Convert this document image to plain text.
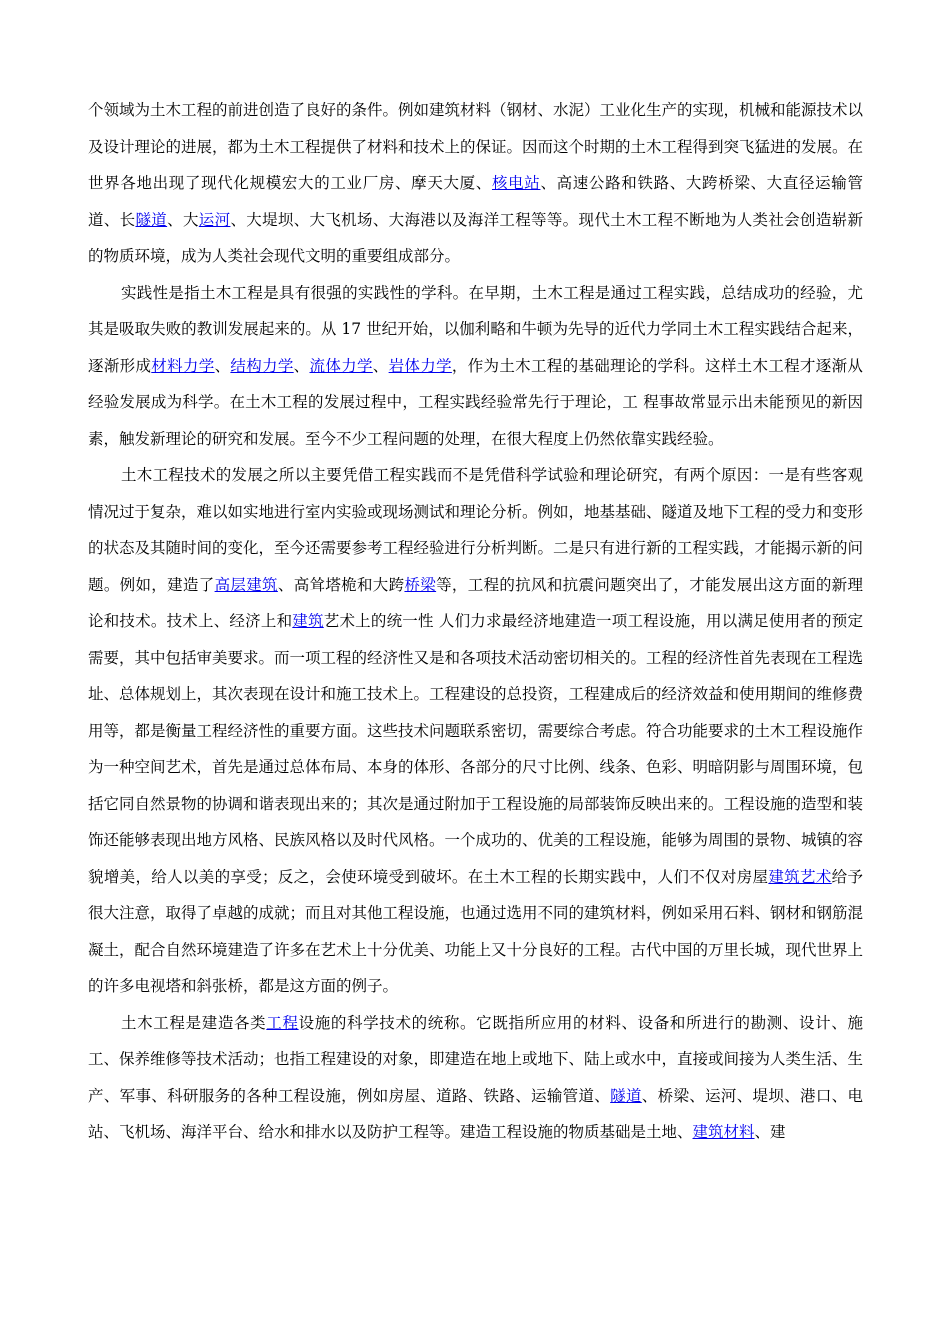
个领域为土木工程的前进创造了良好的条件。例如建筑材料（钢材、水泥）工业化生产的实现，机械和能源技术以及设计理论的进展，都为土木工程提供了材料和技术上的保证。因而这个时期的土木工程得到突飞猛进的发展。在世界各地出现了现代化规模宏大的工业厂房、摩天大厦、核电站、高速公路和铁路、大跨桥梁、大直径运输管道、长隧道、大运河、大堤坝、大飞机场、大海港以及海洋工程等等。现代土木工程不断地为人类社会创造崭新的物质环境，成为人类社会现代文明的重要组成部分。

实践性是指土木工程是具有很强的实践性的学科。在早期，土木工程是通过工程实践，总结成功的经验，尤其是吸取失败的教训发展起来的。从 17 世纪开始，以伽利略和牛顿为先导的近代力学同土木工程实践结合起来，逐渐形成材料力学、结构力学、流体力学、岩体力学，作为土木工程的基础理论的学科。这样土木工程才逐渐从经验发展成为科学。在土木工程的发展过程中，工程实践经验常先行于理论，工 程事故常显示出未能预见的新因素，触发新理论的研究和发展。至今不少工程问题的处理，在很大程度上仍然依靠实践经验。

土木工程技术的发展之所以主要凭借工程实践而不是凭借科学试验和理论研究，有两个原因：一是有些客观情况过于复杂，难以如实地进行室内实验或现场测试和理论分析。例如，地基基础、隧道及地下工程的受力和变形的状态及其随时间的变化，至今还需要参考工程经验进行分析判断。二是只有进行新的工程实践，才能揭示新的问题。例如，建造了高层建筑、高耸塔桅和大跨桥梁等，工程的抗风和抗震问题突出了，才能发展出这方面的新理论和技术。技术上、经济上和建筑艺术上的统一性 人们力求最经济地建造一项工程设施，用以满足使用者的预定需要，其中包括审美要求。而一项工程的经济性又是和各项技术活动密切相关的。工程的经济性首先表现在工程选址、总体规划上，其次表现在设计和施工技术上。工程建设的总投资，工程建成后的经济效益和使用期间的维修费用等，都是衡量工程经济性的重要方面。这些技术问题联系密切，需要综合考虑。符合功能要求的土木工程设施作为一种空间艺术，首先是通过总体布局、本身的体形、各部分的尺寸比例、线条、色彩、明暗阴影与周围环境，包括它同自然景物的协调和谐表现出来的；其次是通过附加于工程设施的局部装饰反映出来的。工程设施的造型和装饰还能够表现出地方风格、民族风格以及时代风格。一个成功的、优美的工程设施，能够为周围的景物、城镇的容貌增美，给人以美的享受；反之，会使环境受到破坏。在土木工程的长期实践中，人们不仅对房屋建筑艺术给予很大注意，取得了卓越的成就；而且对其他工程设施，也通过选用不同的建筑材料，例如采用石料、钢材和钢筋混凝土，配合自然环境建造了许多在艺术上十分优美、功能上又十分良好的工程。古代中国的万里长城，现代世界上的许多电视塔和斜张桥，都是这方面的例子。

土木工程是建造各类工程设施的科学技术的统称。它既指所应用的材料、设备和所进行的勘测、设计、施工、保养维修等技术活动；也指工程建设的对象，即建造在地上或地下、陆上或水中，直接或间接为人类生活、生产、军事、科研服务的各种工程设施，例如房屋、道路、铁路、运输管道、隧道、桥梁、运河、堤坝、港口、电站、飞机场、海洋平台、给水和排水以及防护工程等。建造工程设施的物质基础是土地、建筑材料、建
